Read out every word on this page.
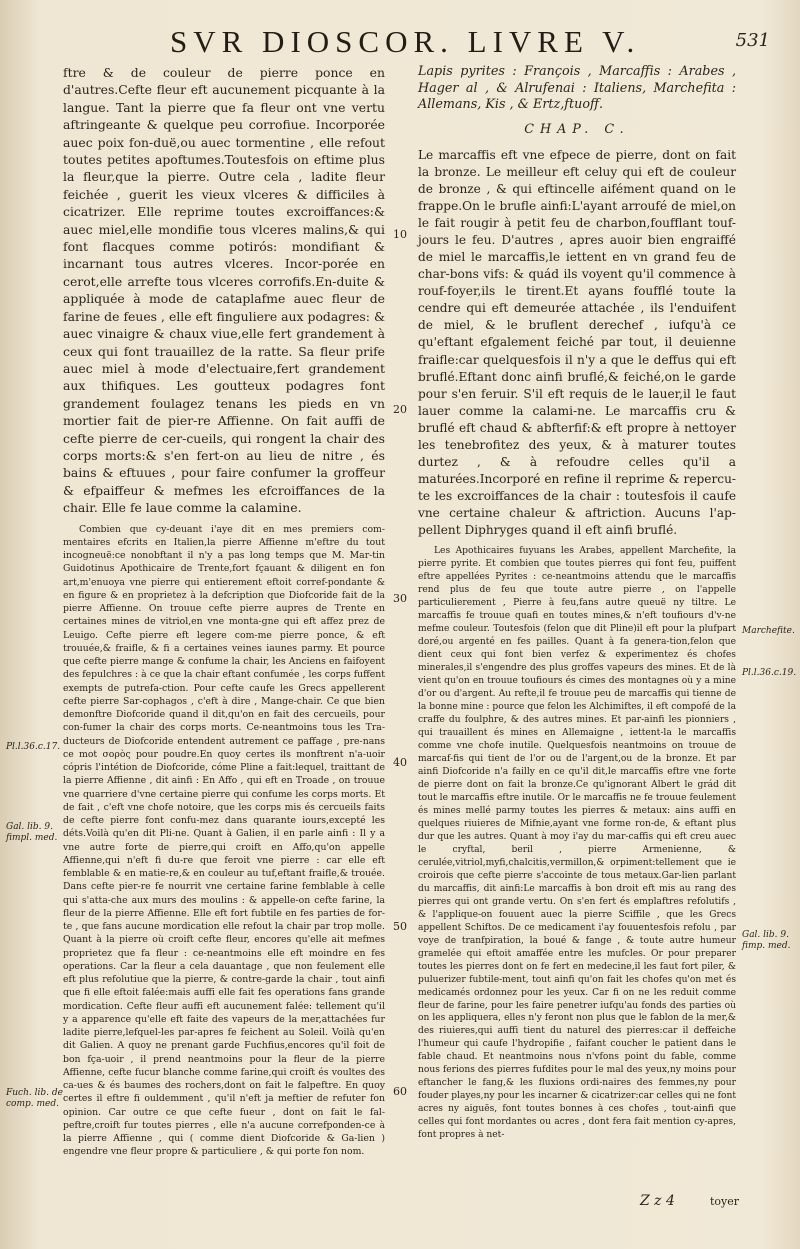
SVR DIOSCOR. LIVRE V.	531

ftre & de couleur de pierre ponce en d'autres.Cefte fleur eft aucunement picquante à la langue. Tant la pierre que fa fleur ont vne vertu aftringeante & quelque peu corrofiue. Incorporée auec poix fon-duë,ou auec tormentine , elle refout toutes petites apoftumes.Toutesfois on eftime plus la fleur,que la pierre. Outre cela , ladite fleur feichée , guerit les vieux vlceres & difficiles à cicatrizer. Elle reprime toutes excroiffances:& auec miel,elle mondifie tous vlceres malins,& qui font flacques comme potirós: mondifiant & incarnant tous autres vlceres. Incor-porée en cerot,elle arrefte tous vlceres corrofifs.En-duite & appliquée à mode de cataplafme auec fleur de farine de feues , elle eft finguliere aux podagres: & auec vinaigre & chaux viue,elle fert grandement à ceux qui font trauaillez de la ratte. Sa fleur prife auec miel à mode d'electuaire,fert grandement aux thifiques. Les goutteux podagres font grandement foulagez tenans les pieds en vn mortier fait de pier-re Affienne. On fait auffi de cefte pierre de cer-cueils, qui rongent la chair des corps morts:& s'en fert-on au lieu de nitre , és bains & eftuues , pour faire confumer la groffeur & efpaiffeur & mefmes les efcroiffances de la chair. Elle fe laue comme la calamine.

Combien que cy-deuant i'aye dit en mes premiers com-mentaires efcrits en Italien,la pierre Affienne m'eftre du tout incogneuë:ce nonobftant il n'y a pas long temps que M. Mar-tin Guidotinus Apothicaire de Trente,fort fçauant & diligent en fon art,m'enuoya vne pierre qui entierement eftoit corref-pondante & en figure & en proprietez à la defcription que Diofcoride fait de la pierre Affienne. On trouue cefte pierre aupres de Trente en certaines mines de vitriol,en vne monta-gne qui eft affez prez de Leuigo. Cefte pierre eft legere com-me pierre ponce, & eft trouuée,& fraifle, & fi a certaines veines iaunes parmy. Et pource que cefte pierre mange & confume la chair, les Anciens en faifoyent des fepulchres : à ce que la chair eftant confumée , les corps fuffent exempts de putrefa-ction. Pour cefte caufe les Grecs appellerent cefte pierre Sar-cophagos , c'eft à dire , Mange-chair. Ce que bien demonftre Diofcoride quand il dit,qu'on en fait des cercueils, pour con-fumer la chair des corps morts. Ce-neantmoins tous les Tra-ducteurs de Diofcoride entendent autrement ce paffage , pre-nans ce mot σορὸς pour poudre.En quoy certes ils monftrent n'a-uoir cópris l'intétion de Diofcoride, cóme Pline a fait:lequel, traittant de la pierre Affienne , dit ainfi : En Affo , qui eft en Troade , on trouue vne quarriere d'vne certaine pierre qui confume les corps morts. Et de fait , c'eft vne chofe notoire, que les corps mis és cercueils faits de cefte pierre font confu-mez dans quarante iours,excepté les déts.Voilà qu'en dit Pli-ne. Quant à Galien, il en parle ainfi : Il y a vne autre forte de pierre,qui croift en Affo,qu'on appelle Affienne,qui n'eft fi du-re que feroit vne pierre : car elle eft femblable & en matie-re,& en couleur au tuf,eftant fraifle,& trouée. Dans cefte pier-re fe nourrit vne certaine farine femblable à celle qui s'atta-che aux murs des moulins : & appelle-on cefte farine, la fleur de la pierre Affienne. Elle eft fort fubtile en fes parties de for-te , que fans aucune mordication elle refout la chair par trop molle. Quant à la pierre où croift cefte fleur, encores qu'elle ait mefmes proprietez que fa fleur : ce-neantmoins elle eft moindre en fes operations. Car la fleur a cela dauantage , que non feulement elle eft plus refolutiue que la pierre, & contre-garde la chair , tout ainfi que fi elle eftoit falée:mais auffi elle fait fes operations fans grande mordication. Cefte fleur auffi eft aucunement falée: tellement qu'il y a apparence qu'elle eft faite des vapeurs de la mer,attachées fur ladite pierre,lefquel-les par-apres fe feichent au Soleil. Voilà qu'en dit Galien. A quoy ne prenant garde Fuchfius,encores qu'il foit de bon fça-uoir , il prend neantmoins pour la fleur de la pierre Affienne, cefte fucur blanche comme farine,qui croift és voultes des ca-ues & és baumes des rochers,dont on fait le falpeftre. En quoy certes il eftre fi ouldemment , qu'il n'eft ja meftier de refuter fon opinion. Car outre ce que cefte fueur , dont on fait le fal-peftre,croift fur toutes pierres , elle n'a aucune correfponden-ce à la pierre Affienne , qui ( comme dient Diofcoride & Ga-lien ) engendre vne fleur propre & particuliere , & qui porte fon nom.

Lapis pyrites : François , Marcaffis : Arabes , Hager al , & Alrufenai : Italiens, Marchefita : Allemans, Kis , & Ertz,ftuoff.

CHAP. C.

Le marcaffis eft vne efpece de pierre, dont on fait la bronze. Le meilleur eft celuy qui eft de couleur de bronze , & qui eftincelle aifément quand on le frappe.On le brufle ainfi:L'ayant arroufé de miel,on le fait rougir à petit feu de charbon,foufflant touf-jours le feu. D'autres , apres auoir bien engraiffé de miel le marcaffis,le iettent en vn grand feu de char-bons vifs: & quád ils voyent qu'il commence à rouf-foyer,ils le tirent.Et ayans foufflé toute la cendre qui eft demeurée attachée , ils l'enduifent de miel, & le bruflent derechef , iufqu'à ce qu'eftant efgalement feiché par tout, il deuienne fraifle:car quelquesfois il n'y a que le deffus qui eft bruflé.Eftant donc ainfi bruflé,& feiché,on le garde pour s'en feruir. S'il eft requis de le lauer,il le faut lauer comme la calami-ne. Le marcaffis cru & bruflé eft chaud & abfterfif:& eft propre à nettoyer les tenebrofitez des yeux, & à maturer toutes durtez , & à refoudre celles qu'il a maturées.Incorporé en refine il reprime & repercu-te les excroiffances de la chair : toutesfois il caufe vne certaine chaleur & aftriction. Aucuns l'ap-pellent Diphryges quand il eft ainfi bruflé.

Les Apothicaires fuyuans les Arabes, appellent Marchefite, la pierre pyrite. Et combien que toutes pierres qui font feu, puiffent eftre appellées Pyrites : ce-neantmoins attendu que le marcaffis rend plus de feu que toute autre pierre , on l'appelle particulierement , Pierre à feu,fans autre queuë ny tiltre. Le marcaffis fe trouue quafi en toutes mines,& n'eft toufiours d'v-ne mefme couleur. Toutesfois (felon que dit Pline)il eft pour la plufpart doré,ou argenté en fes pailles. Quant à fa genera-tion,felon que dient ceux qui font bien verfez & experimentez és chofes minerales,il s'engendre des plus groffes vapeurs des mines. Et de là vient qu'on en trouue toufiours és cimes des montagnes où y a mine d'or ou d'argent. Au refte,il fe trouue peu de marcaffis qui tienne de la bonne mine : pource que felon les Alchimiftes, il eft compofé de la craffe du foulphre, & des autres mines. Et par-ainfi les pionniers , qui trauaillent és mines en Allemaigne , iettent-la le marcaffis comme vne chofe inutile. Quelquesfois neantmoins on trouue de marcaf-fis qui tient de l'or ou de l'argent,ou de la bronze. Et par ainfi Diofcoride n'a failly en ce qu'il dit,le marcaffis eftre vne forte de pierre dont on fait la bronze.Ce qu'ignorant Albert le grád dit tout le marcaffis eftre inutile. Or le marcaffis ne fe trouue feulement és mines mellé parmy toutes les pierres & metaux: ains auffi en quelques riuieres de Mifnie,ayant vne forme ron-de, & eftant plus dur que les autres. Quant à moy i'ay du mar-caffis qui eft creu auec le cryftal, beril , pierre Armenienne, & cerulée,vitriol,myfi,chalcitis,vermillon,& orpiment:tellement que ie croirois que cefte pierre s'accointe de tous metaux.Gar-lien parlant du marcaffis, dit ainfi:Le marcaffis à bon droit eft mis au rang des pierres qui ont grande vertu. On s'en fert és emplaftres refolutifs , & l'applique-on fouuent auec la pierre Sciffile , que les Grecs appellent Schiftos. De ce medicament i'ay fouuentesfois refolu , par voye de tranfpiration, la boué & fange , & toute autre humeur gramelée qui eftoit amaffée entre les mufcles. Or pour preparer toutes les pierres dont on fe fert en medecine,il les faut fort piler, & puluerizer fubtile-ment, tout ainfi qu'on fait les chofes qu'on met és medicamés ordonnez pour les yeux. Car fi on ne les reduit comme fleur de farine, pour les faire penetrer iufqu'au fonds des parties où on les appliquera, elles n'y feront non plus que le fablon de la mer,& des riuieres,qui auffi tient du naturel des pierres:car il deffeiche l'humeur qui caufe l'hydropifie , faifant coucher le patient dans le fable chaud. Et neantmoins nous n'vfons point du fable, comme nous ferions des pierres fufdites pour le mal des yeux,ny moins pour eftancher le fang,& les fluxions ordi-naires des femmes,ny pour fouder playes,ny pour les incarner & cicatrizer:car celles qui ne font acres ny aiguës, font toutes bonnes à ces chofes , tout-ainfi que celles qui font mordantes ou acres , dont fera fait mention cy-apres, font propres à net-

10
20
30
40
50
60
Pl.l.36.c.17.
Gal. lib. 9. fimpl. med.
Fuch. lib. de comp. med.
Marchefite.
Pl.l.36.c.19.
Gal. lib. 9. fimp. med.
Z z 4	toyer
